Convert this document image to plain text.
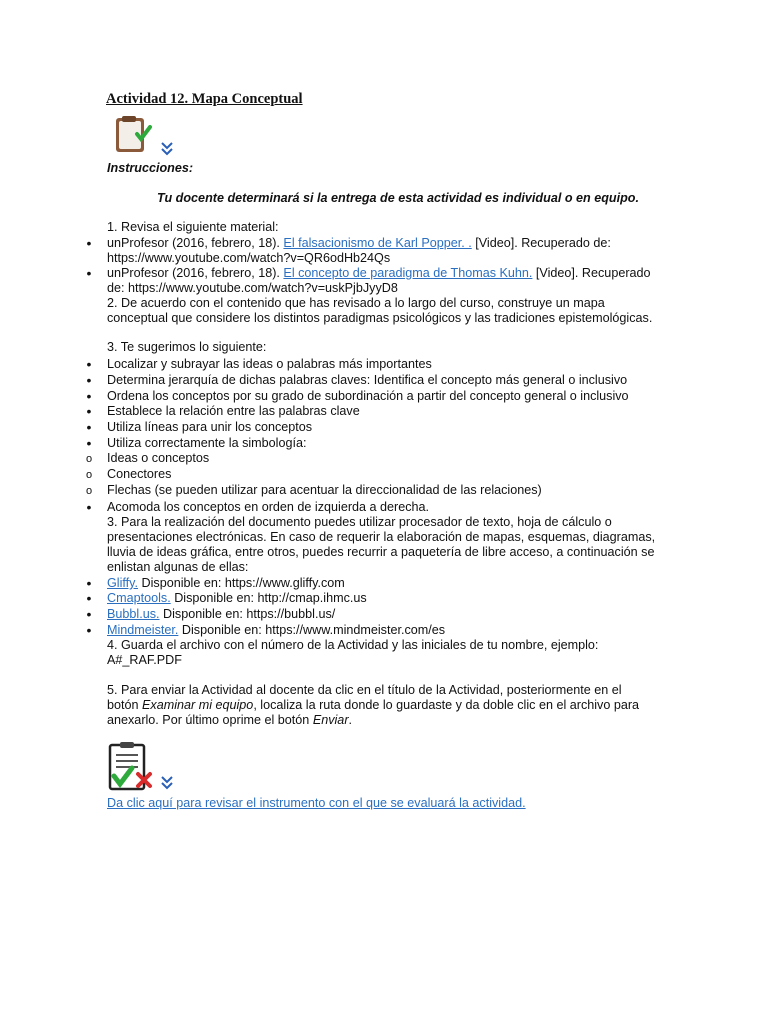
Actividad 12. Mapa Conceptual
Instrucciones:
Tu docente determinará si la entrega de esta actividad es individual o en equipo.
1. Revisa el siguiente material:
• unProfesor (2016, febrero, 18). El falsacionismo de Karl Popper. . [Video]. Recuperado de:
https://www.youtube.com/watch?v=QR6odHb24Qs
• unProfesor (2016, febrero, 18). El concepto de paradigma de Thomas Kuhn. [Video]. Recuperado
de: https://www.youtube.com/watch?v=uskPjbJyyD8
2. De acuerdo con el contenido que has revisado a lo largo del curso, construye un mapa
conceptual que considere los distintos paradigmas psicológicos y las tradiciones epistemológicas.
3. Te sugerimos lo siguiente:
• Localizar y subrayar las ideas o palabras más importantes
• Determina jerarquía de dichas palabras claves: Identifica el concepto más general o inclusivo
• Ordena los conceptos por su grado de subordinación a partir del concepto general o inclusivo
• Establece la relación entre las palabras clave
• Utiliza líneas para unir los conceptos
• Utiliza correctamente la simbología:
o Ideas o conceptos
o Conectores
o Flechas (se pueden utilizar para acentuar la direccionalidad de las relaciones)
• Acomoda los conceptos en orden de izquierda a derecha.
3. Para la realización del documento puedes utilizar procesador de texto, hoja de cálculo o
presentaciones electrónicas. En caso de requerir la elaboración de mapas, esquemas, diagramas,
lluvia de ideas gráfica, entre otros, puedes recurrir a paquetería de libre acceso, a continuación se
enlistan algunas de ellas:
• Gliffy. Disponible en: https://www.gliffy.com
• Cmaptools. Disponible en: http://cmap.ihmc.us
• Bubbl.us. Disponible en: https://bubbl.us/
• Mindmeister. Disponible en: https://www.mindmeister.com/es
4. Guarda el archivo con el número de la Actividad y las iniciales de tu nombre, ejemplo:
A#_RAF.PDF
5. Para enviar la Actividad al docente da clic en el título de la Actividad, posteriormente en el
botón Examinar mi equipo, localiza la ruta donde lo guardaste y da doble clic en el archivo para
anexarlo. Por último oprime el botón Enviar.
Da clic aquí para revisar el instrumento con el que se evaluará la actividad.
